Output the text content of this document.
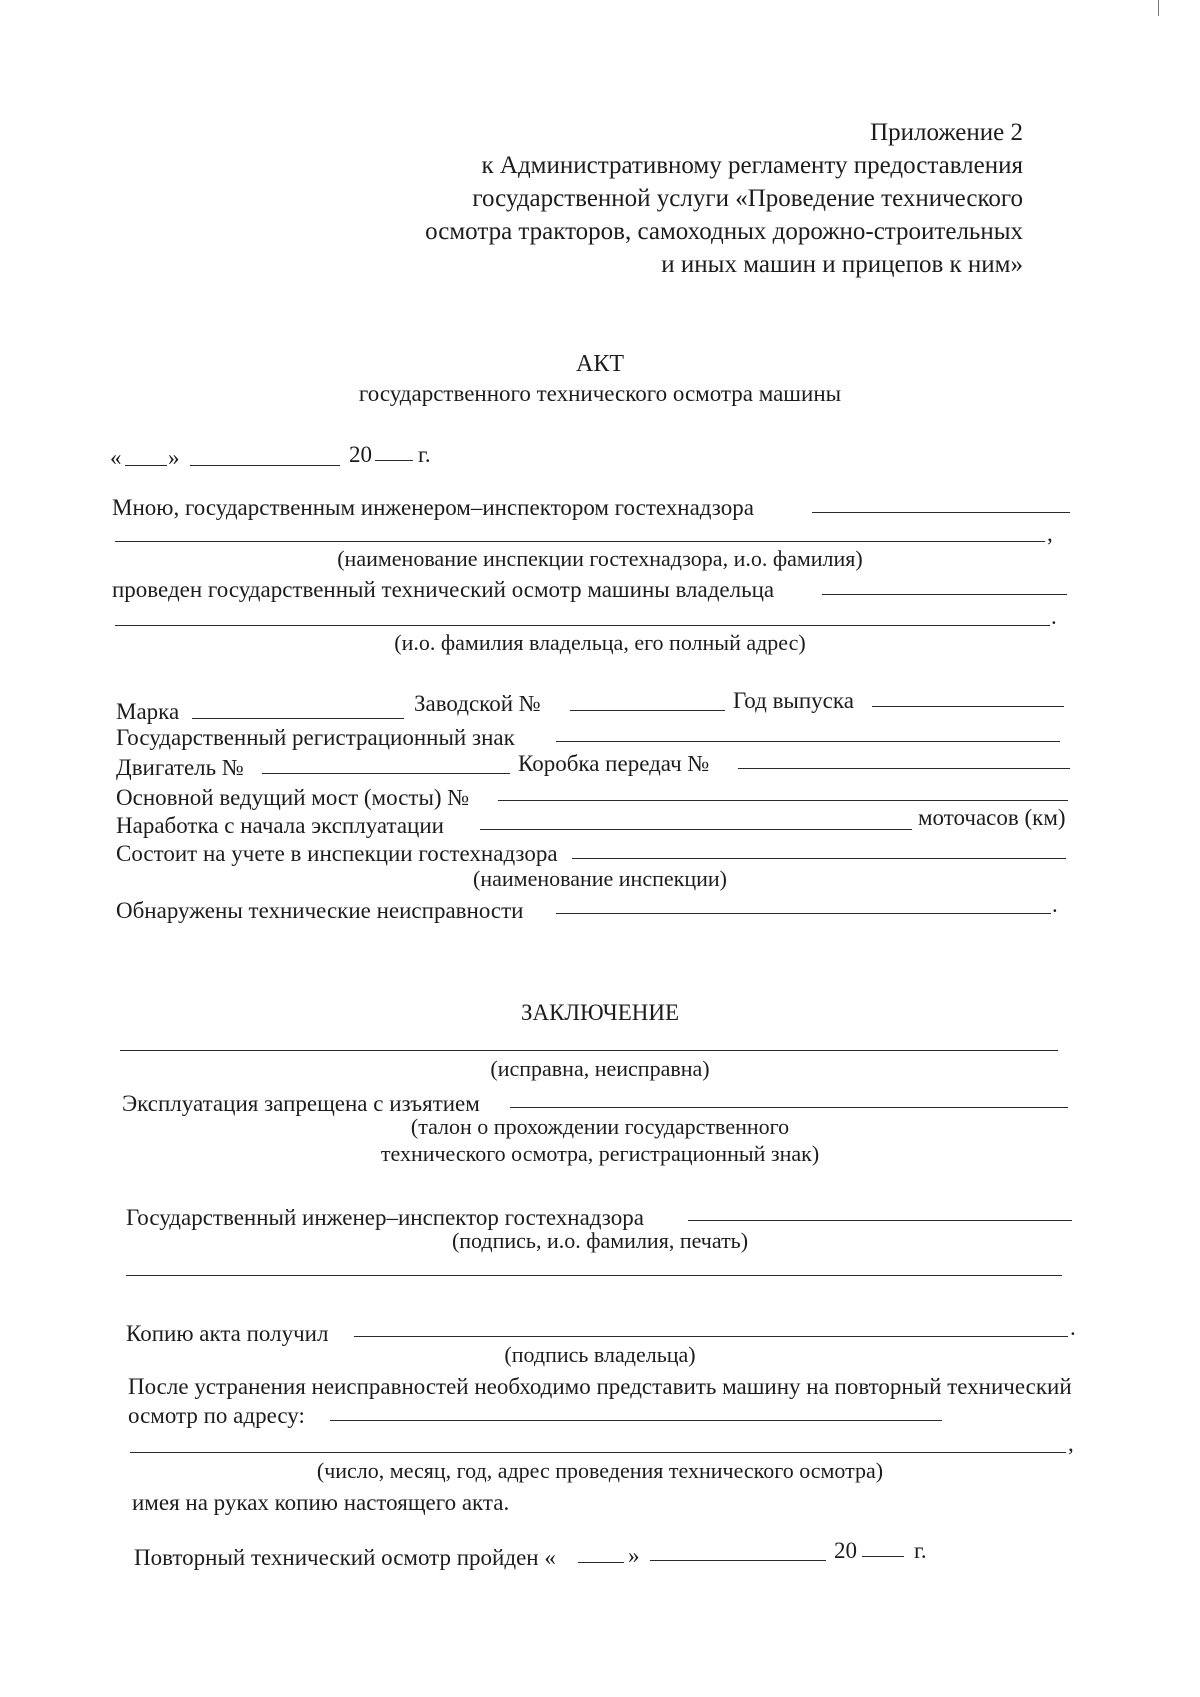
Приложение 2
к Административному регламенту предоставления
государственной услуги «Проведение технического
осмотра тракторов, самоходных дорожно-строительных
и иных машин и прицепов к ним»
АКТ
государственного технического осмотра машины
« »	20 г.
Мною, государственным инженером–инспектором гостехнадзора
,
(наименование инспекции гостехнадзора, и.о. фамилия)
проведен государственный технический осмотр машины владельца
.
(и.о. фамилия владельца, его полный адрес)
Марка	Заводской №	Год выпуска
Государственный регистрационный знак
Двигатель №	Коробка передач №
Основной ведущий мост (мосты) №
Наработка с начала эксплуатации	моточасов (км)
Состоит на учете в инспекции гостехнадзора
(наименование инспекции)
Обнаружены технические неисправности	.
ЗАКЛЮЧЕНИЕ
(исправна, неисправна)
Эксплуатация запрещена с изъятием
(талон о прохождении государственного
технического осмотра, регистрационный знак)
Государственный инженер–инспектор гостехнадзора
(подпись, и.о. фамилия, печать)
Копию акта получил	.
(подпись владельца)
После устранения неисправностей необходимо представить машину на повторный технический
осмотр по адресу:
,
(число, месяц, год, адрес проведения технического осмотра)
имея на руках копию настоящего акта.
Повторный технический осмотр пройден «	»	20 г.
